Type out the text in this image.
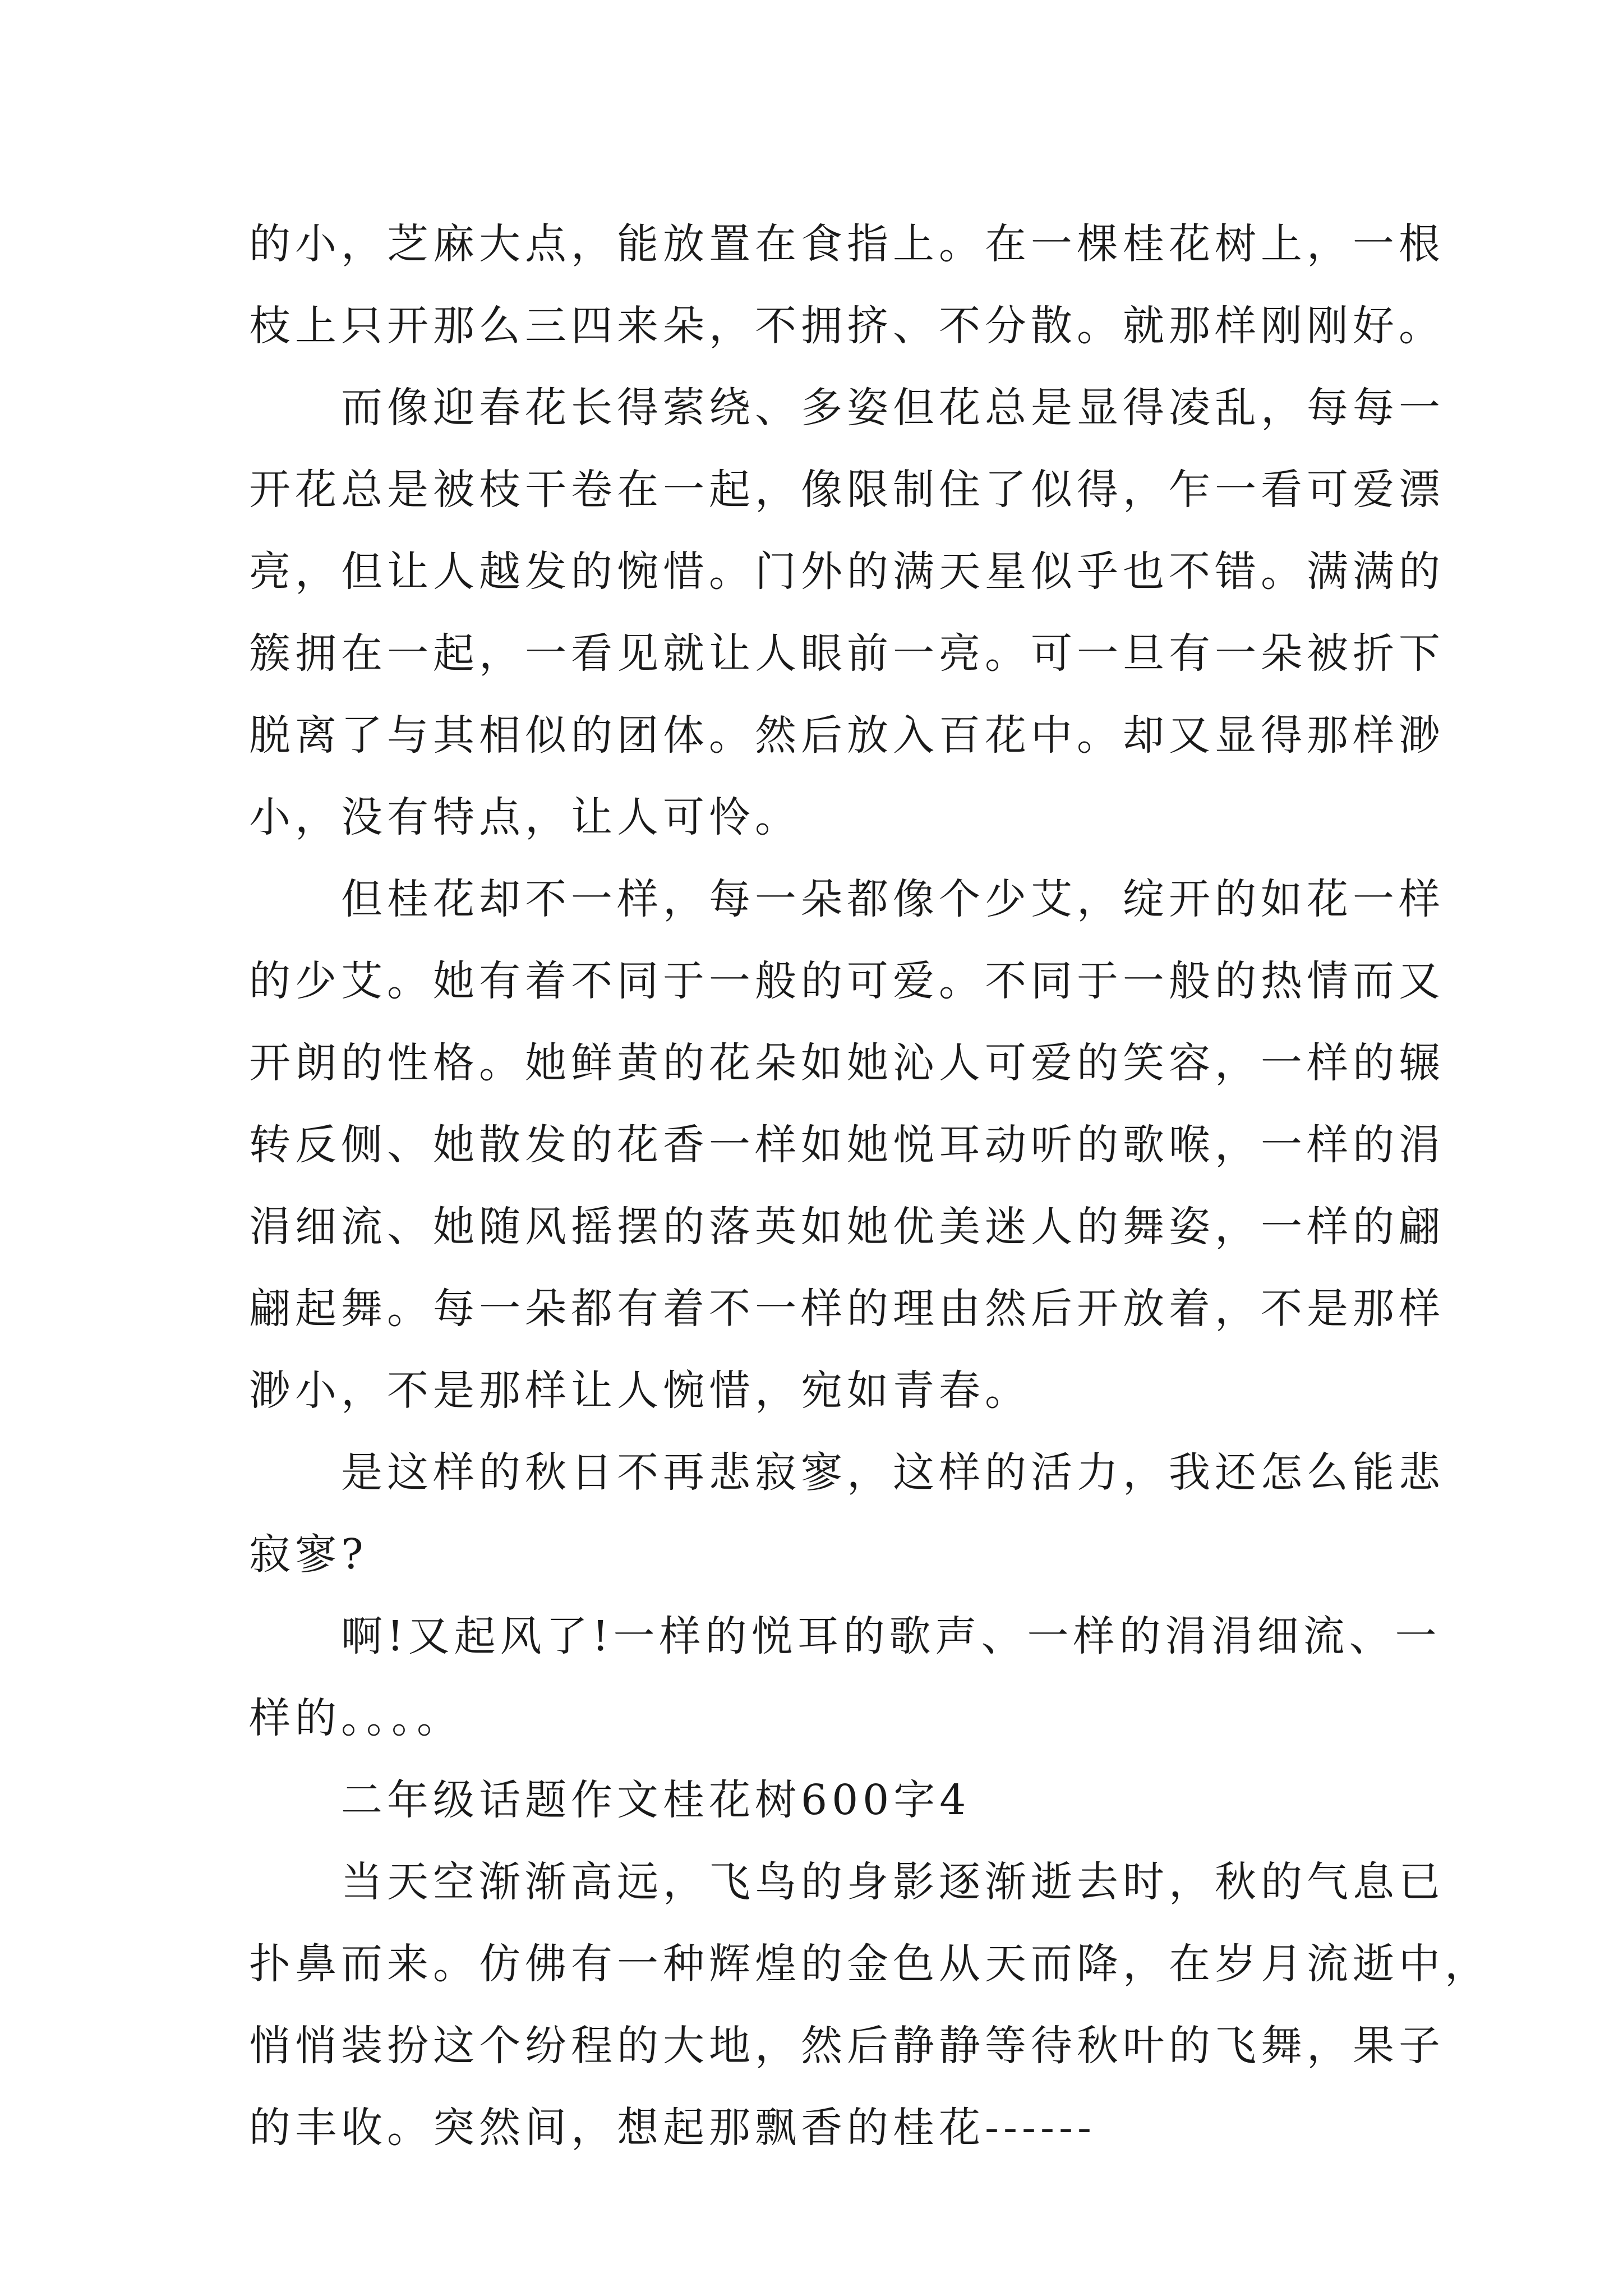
的小，芝麻大点，能放置在食指上。在一棵桂花树上，一根
枝上只开那么三四来朵，不拥挤、不分散。就那样刚刚好。

而像迎春花长得萦绕、多姿但花总是显得凌乱，每每一
开花总是被枝干卷在一起，像限制住了似得，乍一看可爱漂
亮，但让人越发的惋惜。门外的满天星似乎也不错。满满的
簇拥在一起，一看见就让人眼前一亮。可一旦有一朵被折下
脱离了与其相似的团体。然后放入百花中。却又显得那样渺
小，没有特点，让人可怜。

但桂花却不一样，每一朵都像个少艾，绽开的如花一样
的少艾。她有着不同于一般的可爱。不同于一般的热情而又
开朗的性格。她鲜黄的花朵如她沁人可爱的笑容，一样的辗
转反侧、她散发的花香一样如她悦耳动听的歌喉，一样的涓
涓细流、她随风摇摆的落英如她优美迷人的舞姿，一样的翩
翩起舞。每一朵都有着不一样的理由然后开放着，不是那样
渺小，不是那样让人惋惜，宛如青春。

是这样的秋日不再悲寂寥，这样的活力，我还怎么能悲
寂寥?

啊!又起风了!一样的悦耳的歌声、一样的涓涓细流、一
样的。。。。

二年级话题作文桂花树600字4

当天空渐渐高远，飞鸟的身影逐渐逝去时，秋的气息已
扑鼻而来。仿佛有一种辉煌的金色从天而降，在岁月流逝中，
悄悄装扮这个纷程的大地，然后静静等待秋叶的飞舞，果子
的丰收。突然间，想起那飘香的桂花------
